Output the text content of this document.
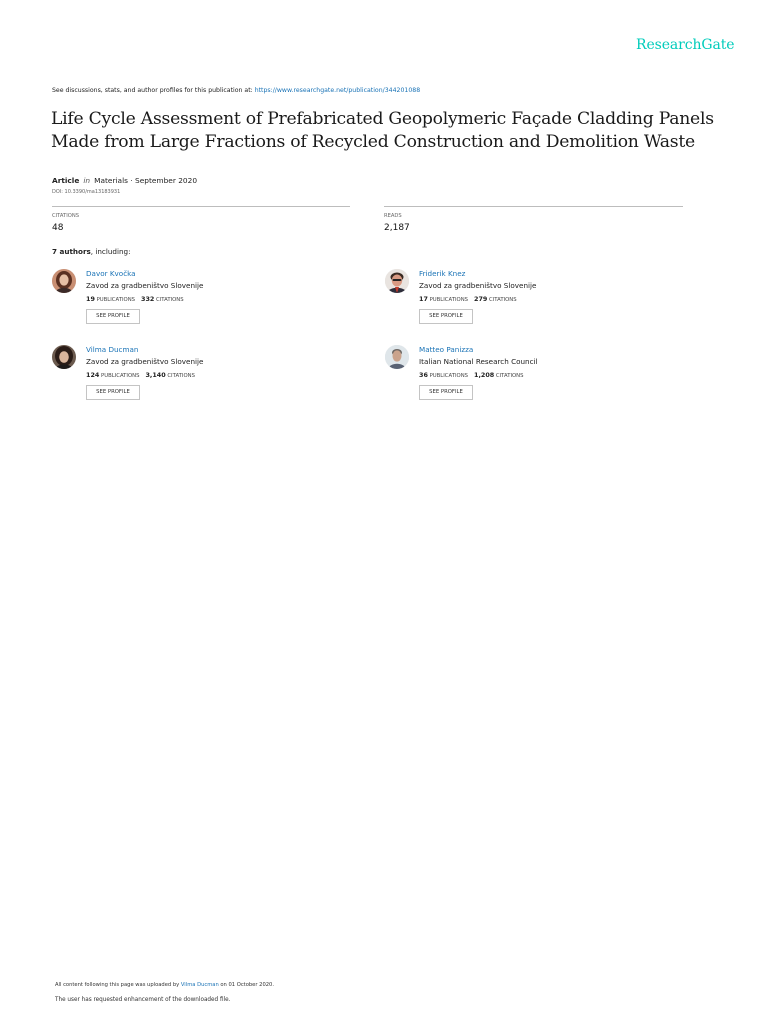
ResearchGate
See discussions, stats, and author profiles for this publication at: https://www.researchgate.net/publication/344201088
Life Cycle Assessment of Prefabricated Geopolymeric Façade Cladding Panels Made from Large Fractions of Recycled Construction and Demolition Waste
Article in Materials · September 2020
DOI: 10.3390/ma13183931
CITATIONS
48
READS
2,187
7 authors, including:
Davor Kvočka
Zavod za gradbeništvo Slovenije
19 PUBLICATIONS 332 CITATIONS
SEE PROFILE
Friderik Knez
Zavod za gradbeništvo Slovenije
17 PUBLICATIONS 279 CITATIONS
SEE PROFILE
Vilma Ducman
Zavod za gradbeništvo Slovenije
124 PUBLICATIONS 3,140 CITATIONS
SEE PROFILE
Matteo Panizza
Italian National Research Council
36 PUBLICATIONS 1,208 CITATIONS
SEE PROFILE
All content following this page was uploaded by Vilma Ducman on 01 October 2020.
The user has requested enhancement of the downloaded file.
